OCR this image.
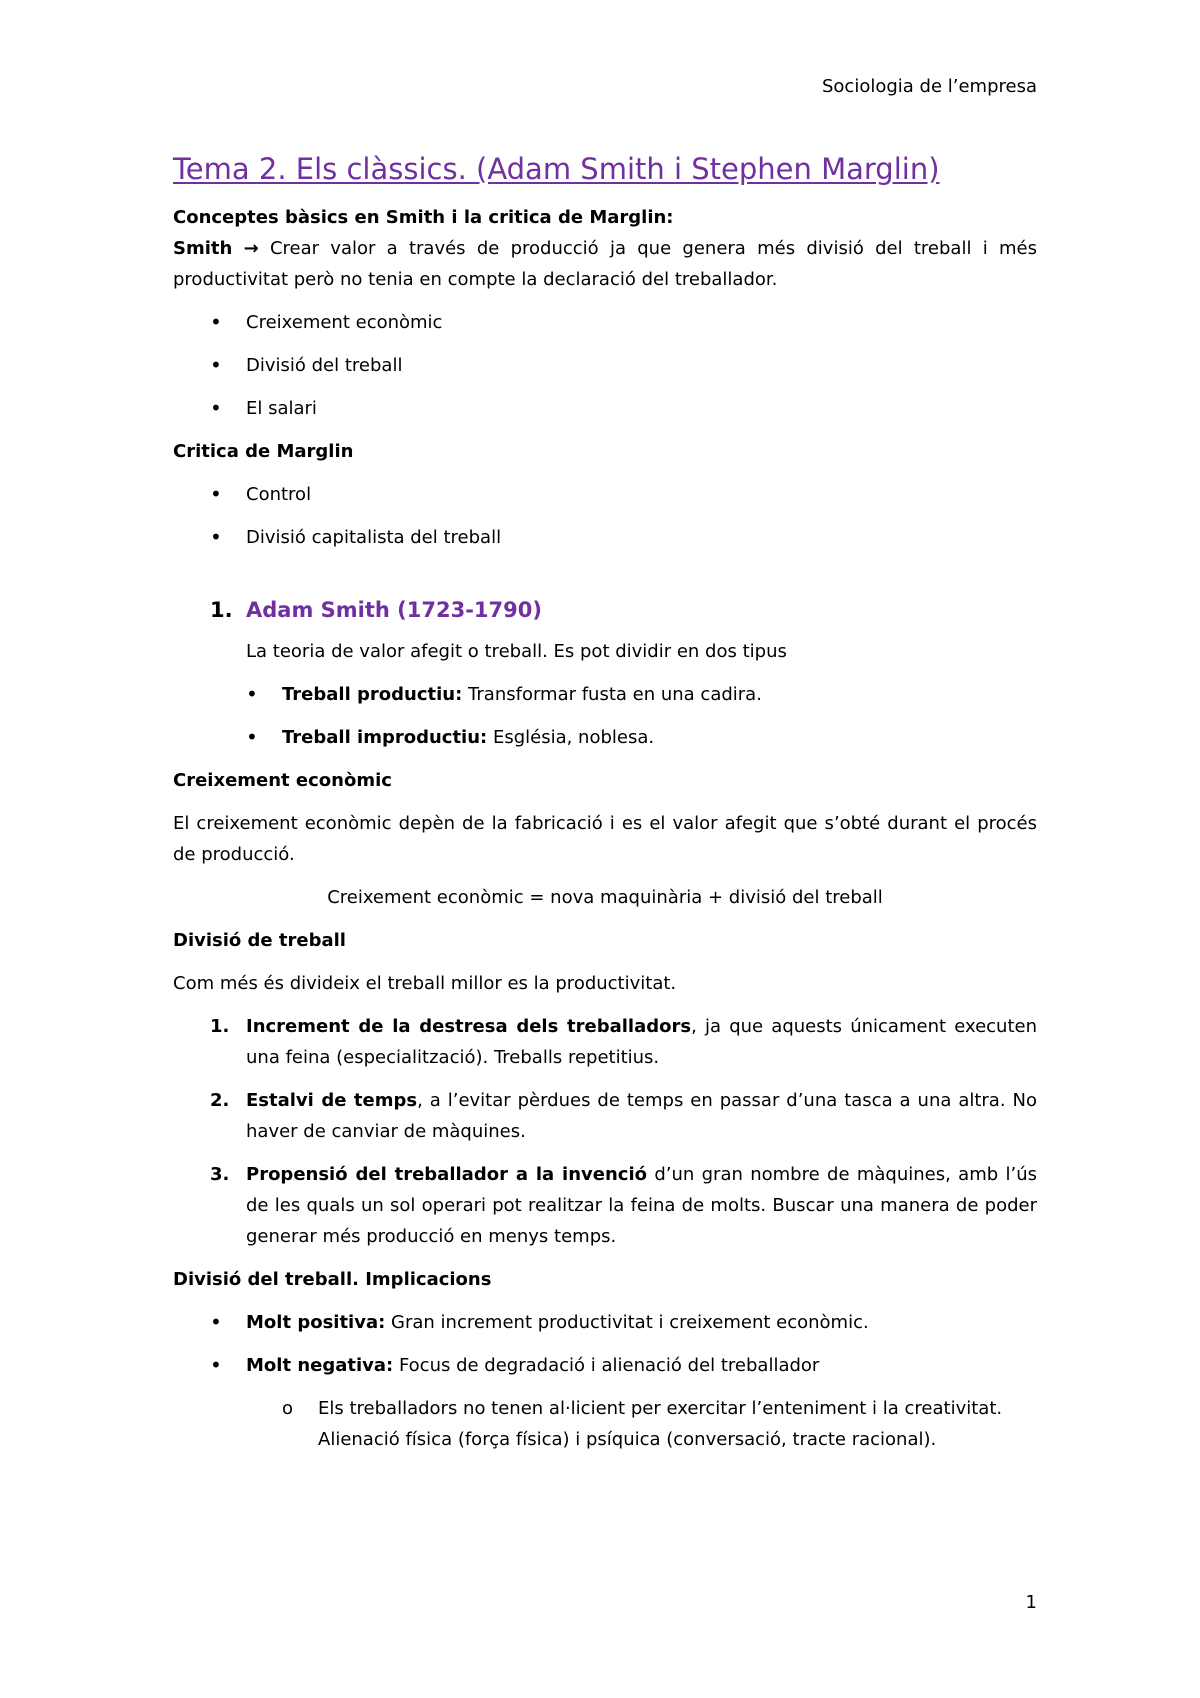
Sociologia de l’empresa
Tema 2. Els clàssics. (Adam Smith i Stephen Marglin)

Conceptes bàsics en Smith i la critica de Marglin:

Smith → Crear valor a través de producció ja que genera més divisió del treball i més productivitat però no tenia en compte la declaració del treballador.

• Creixement econòmic
• Divisió del treball
• El salari

Critica de Marglin

• Control
• Divisió capitalista del treball
1. Adam Smith (1723-1790)

La teoria de valor afegit o treball. Es pot dividir en dos tipus

• Treball productiu: Transformar fusta en una cadira.
• Treball improductiu: Església, noblesa.

Creixement econòmic

El creixement econòmic depèn de la fabricació i es el valor afegit que s’obté durant el procés de producció.

Creixement econòmic = nova maquinària + divisió del treball

Divisió de treball

Com més és divideix el treball millor es la productivitat.

1. Increment de la destresa dels treballadors, ja que aquests únicament executen una feina (especialització). Treballs repetitius.
2. Estalvi de temps, a l’evitar pèrdues de temps en passar d’una tasca a una altra. No haver de canviar de màquines.
3. Propensió del treballador a la invenció d’un gran nombre de màquines, amb l’ús de les quals un sol operari pot realitzar la feina de molts. Buscar una manera de poder generar més producció en menys temps.

Divisió del treball. Implicacions

• Molt positiva: Gran increment productivitat i creixement econòmic.
• Molt negativa: Focus de degradació i alienació del treballador
o Els treballadors no tenen al·licient per exercitar l’enteniment i la creativitat.
Alienació física (força física) i psíquica (conversació, tracte racional).
1
